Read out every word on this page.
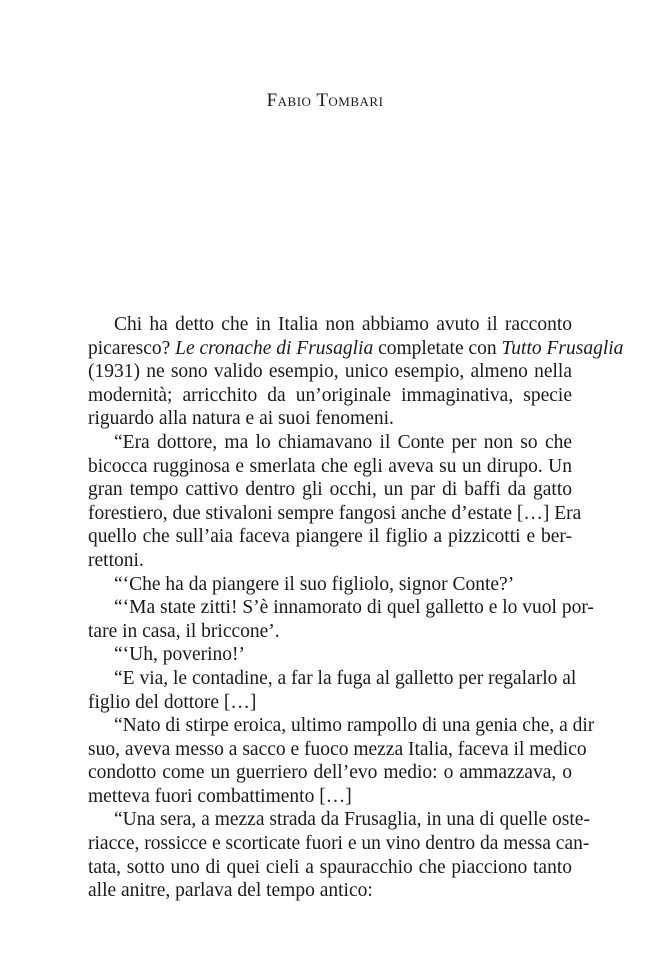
Fabio Tombari
Chi ha detto che in Italia non abbiamo avuto il racconto
picaresco? Le cronache di Frusaglia completate con Tutto Frusaglia
(1931) ne sono valido esempio, unico esempio, almeno nella
modernità; arricchito da un’originale immaginativa, specie
riguardo alla natura e ai suoi fenomeni.
“Era dottore, ma lo chiamavano il Conte per non so che
bicocca rugginosa e smerlata che egli aveva su un dirupo. Un
gran tempo cattivo dentro gli occhi, un par di baffi da gatto
forestiero, due stivaloni sempre fangosi anche d’estate […] Era
quello che sull’aia faceva piangere il figlio a pizzicotti e ber-
rettoni.
“‘Che ha da piangere il suo figliolo, signor Conte?’
“‘Ma state zitti! S’è innamorato di quel galletto e lo vuol por-
tare in casa, il briccone’.
“‘Uh, poverino!’
“E via, le contadine, a far la fuga al galletto per regalarlo al
figlio del dottore […]
“Nato di stirpe eroica, ultimo rampollo di una genia che, a dir
suo, aveva messo a sacco e fuoco mezza Italia, faceva il medico
condotto come un guerriero dell’evo medio: o ammazzava, o
metteva fuori combattimento […]
“Una sera, a mezza strada da Frusaglia, in una di quelle oste-
riacce, rossicce e scorticate fuori e un vino dentro da messa can-
tata, sotto uno di quei cieli a spauracchio che piacciono tanto
alle anitre, parlava del tempo antico:
